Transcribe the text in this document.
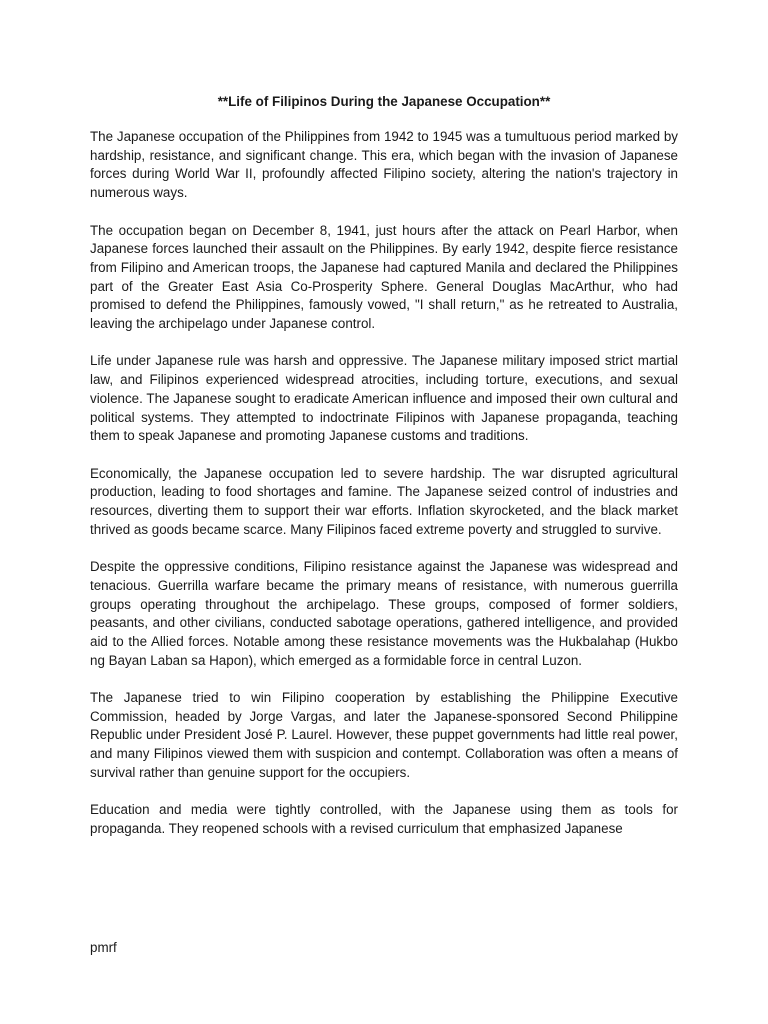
**Life of Filipinos During the Japanese Occupation**

The Japanese occupation of the Philippines from 1942 to 1945 was a tumultuous period marked by hardship, resistance, and significant change. This era, which began with the invasion of Japanese forces during World War II, profoundly affected Filipino society, altering the nation's trajectory in numerous ways.

The occupation began on December 8, 1941, just hours after the attack on Pearl Harbor, when Japanese forces launched their assault on the Philippines. By early 1942, despite fierce resistance from Filipino and American troops, the Japanese had captured Manila and declared the Philippines part of the Greater East Asia Co-Prosperity Sphere. General Douglas MacArthur, who had promised to defend the Philippines, famously vowed, "I shall return," as he retreated to Australia, leaving the archipelago under Japanese control.

Life under Japanese rule was harsh and oppressive. The Japanese military imposed strict martial law, and Filipinos experienced widespread atrocities, including torture, executions, and sexual violence. The Japanese sought to eradicate American influence and imposed their own cultural and political systems. They attempted to indoctrinate Filipinos with Japanese propaganda, teaching them to speak Japanese and promoting Japanese customs and traditions.

Economically, the Japanese occupation led to severe hardship. The war disrupted agricultural production, leading to food shortages and famine. The Japanese seized control of industries and resources, diverting them to support their war efforts. Inflation skyrocketed, and the black market thrived as goods became scarce. Many Filipinos faced extreme poverty and struggled to survive.

Despite the oppressive conditions, Filipino resistance against the Japanese was widespread and tenacious. Guerrilla warfare became the primary means of resistance, with numerous guerrilla groups operating throughout the archipelago. These groups, composed of former soldiers, peasants, and other civilians, conducted sabotage operations, gathered intelligence, and provided aid to the Allied forces. Notable among these resistance movements was the Hukbalahap (Hukbo ng Bayan Laban sa Hapon), which emerged as a formidable force in central Luzon.

The Japanese tried to win Filipino cooperation by establishing the Philippine Executive Commission, headed by Jorge Vargas, and later the Japanese-sponsored Second Philippine Republic under President José P. Laurel. However, these puppet governments had little real power, and many Filipinos viewed them with suspicion and contempt. Collaboration was often a means of survival rather than genuine support for the occupiers.

Education and media were tightly controlled, with the Japanese using them as tools for propaganda. They reopened schools with a revised curriculum that emphasized Japanese

pmrf
